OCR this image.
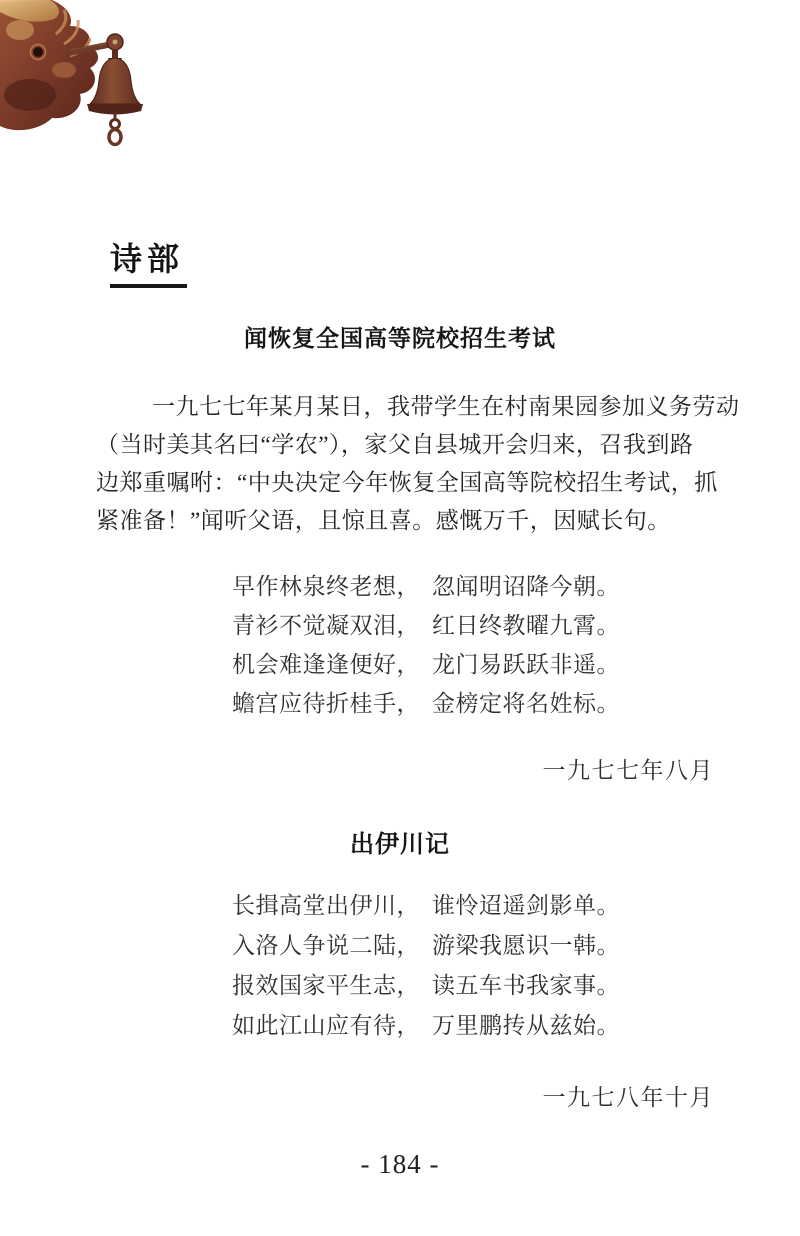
诗部
闻恢复全国高等院校招生考试
一九七七年某月某日，我带学生在村南果园参加义务劳动
（当时美其名曰“学农”），家父自县城开会归来，召我到路
边郑重嘱咐：“中央决定今年恢复全国高等院校招生考试，抓
紧准备！”闻听父语，且惊且喜。感慨万千，因赋长句。
早作林泉终老想，　忽闻明诏降今朝。
青衫不觉凝双泪，　红日终教曜九霄。
机会难逢逢便好，　龙门易跃跃非遥。
蟾宫应待折桂手，　金榜定将名姓标。
一九七七年八月
出伊川记
长揖高堂出伊川，　谁怜迢遥剑影单。
入洛人争说二陆，　游梁我愿识一韩。
报效国家平生志，　读五车书我家事。
如此江山应有待，　万里鹏抟从兹始。
一九七八年十月
- 184 -
